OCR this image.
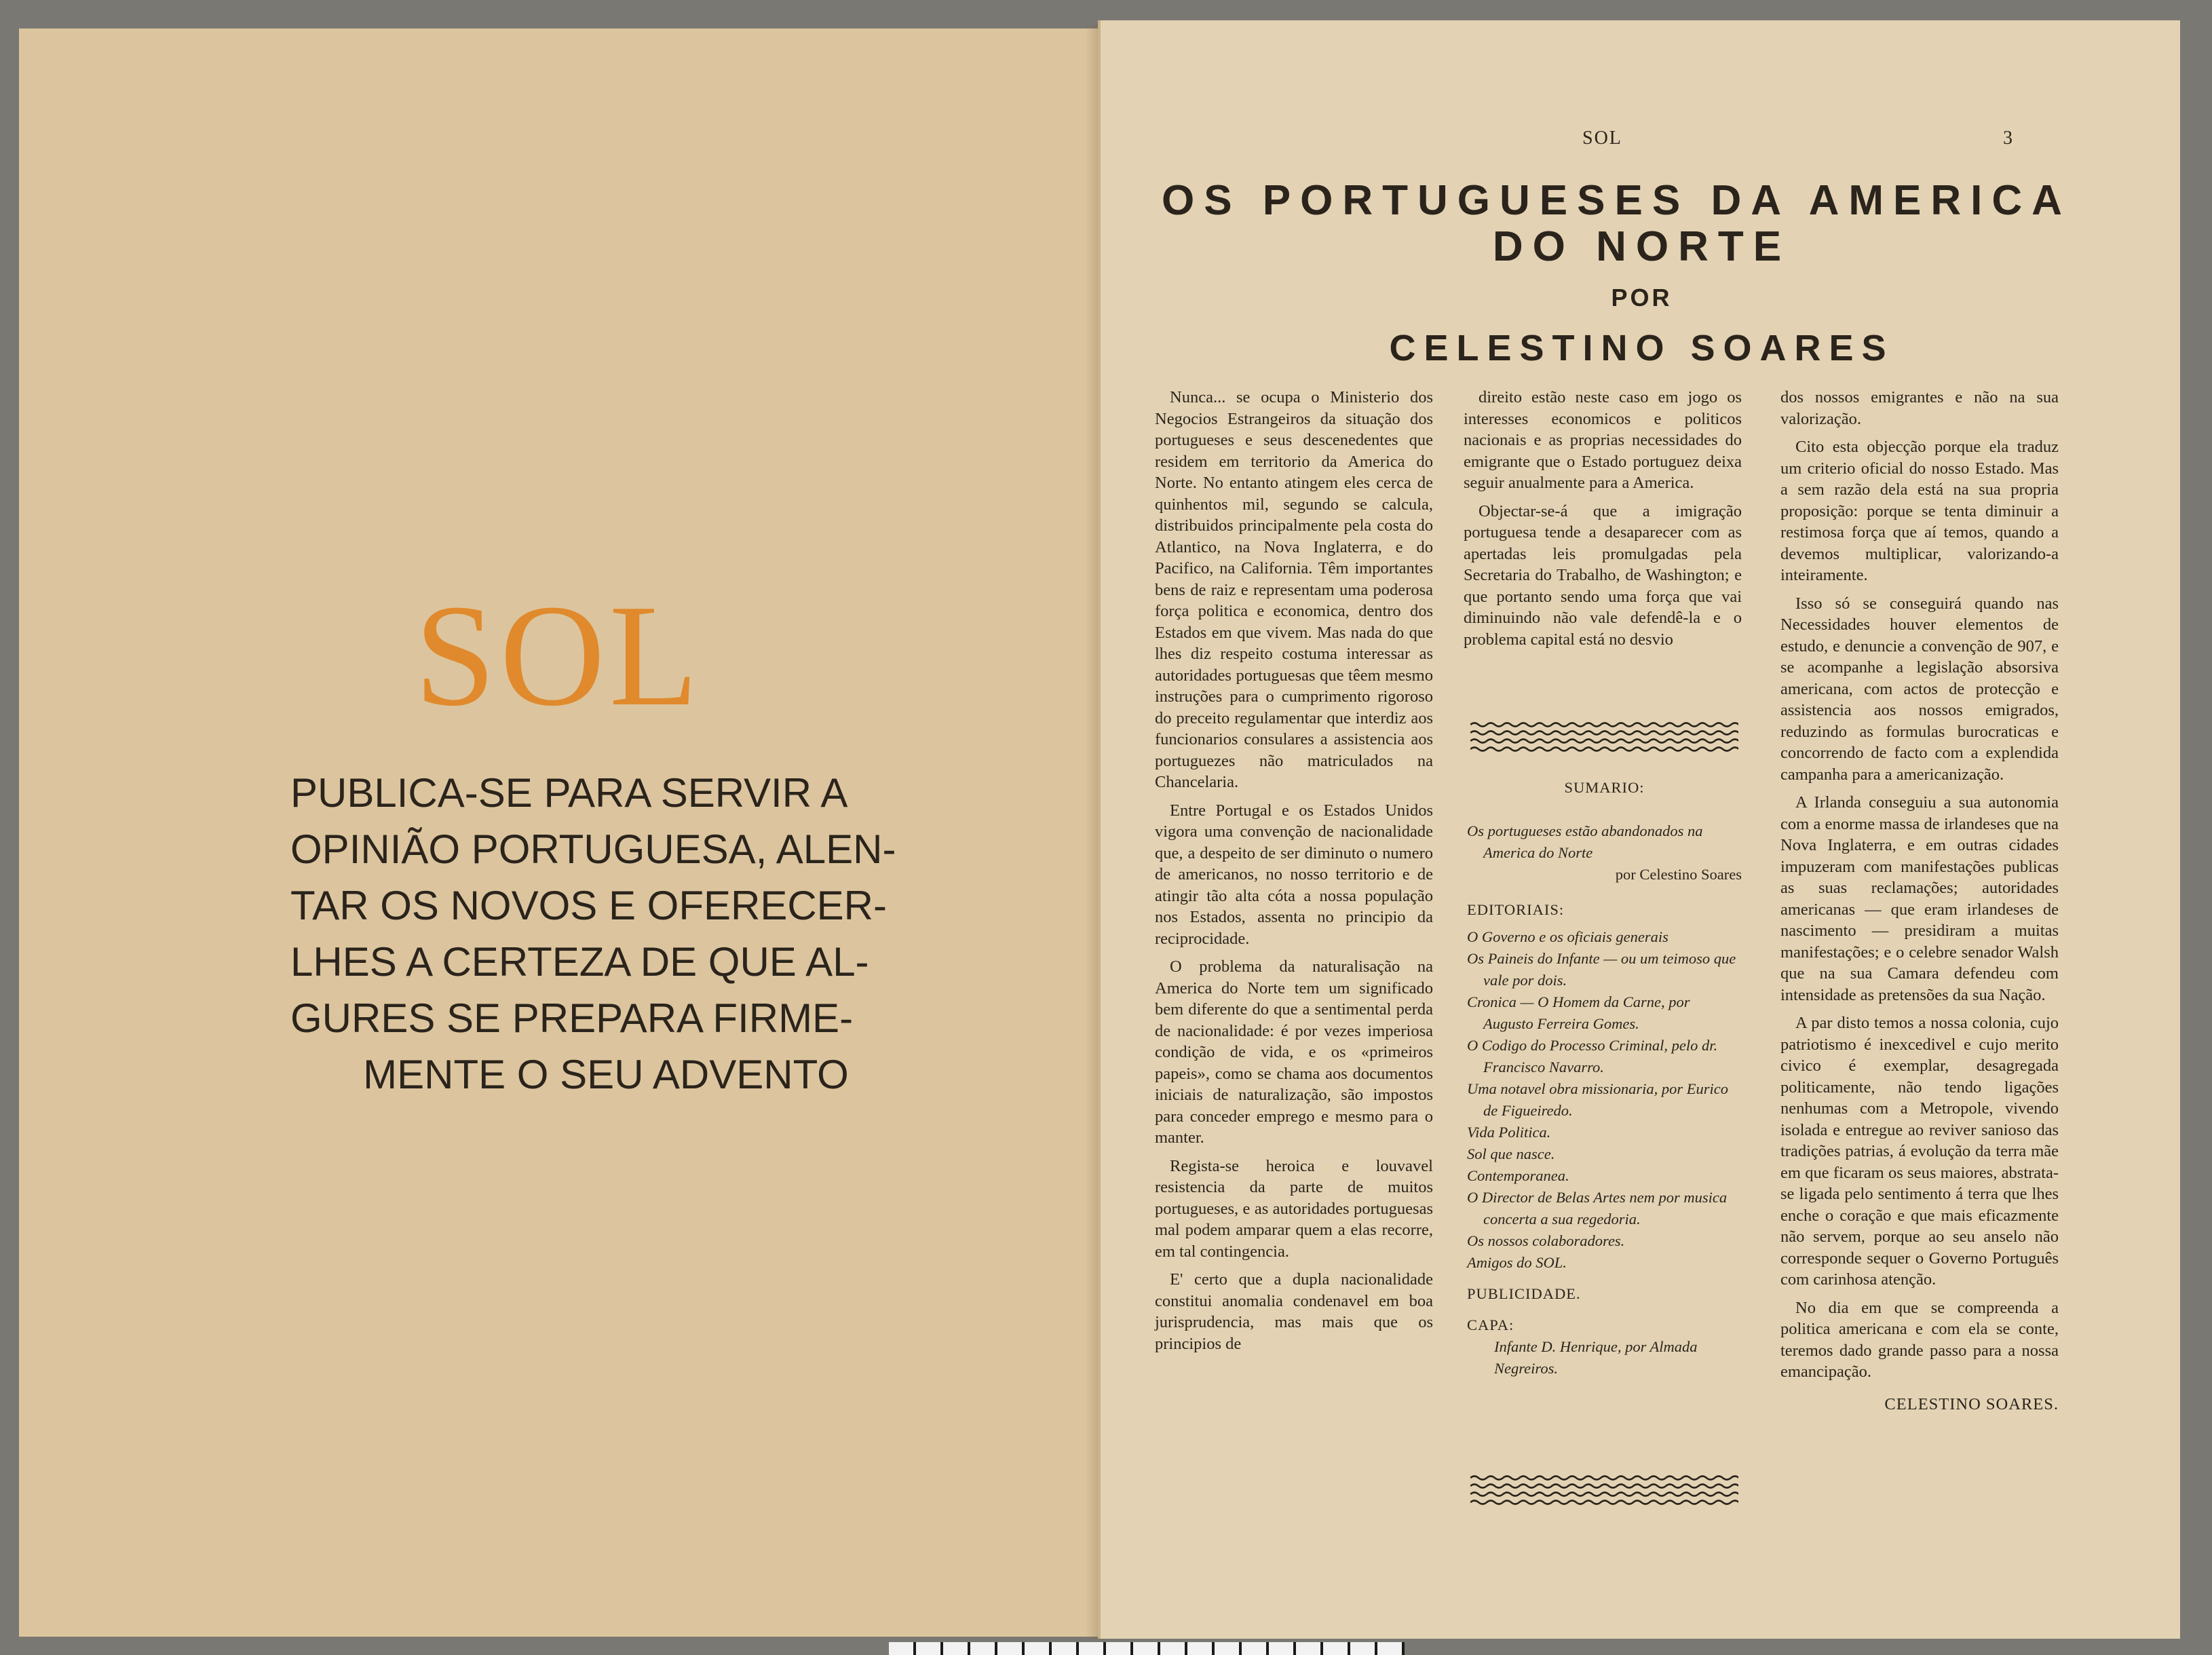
SOL
PUBLICA-SE PARA SERVIR A
OPINIÃO PORTUGUESA, ALEN-
TAR OS NOVOS E OFERECER-
LHES A CERTEZA DE QUE AL-
GURES SE PREPARA FIRME-
MENTE O SEU ADVENTO
SOL	3
OS PORTUGUESES DA AMERICA
DO NORTE
POR
CELESTINO SOARES

Nunca... se ocupa o Ministerio dos Negocios Estrangeiros da situação dos portugueses e seus descenedentes que residem em territorio da America do Norte. No entanto atingem eles cerca de quinhentos mil, segundo se calcula, distribuidos principalmente pela costa do Atlantico, na Nova Inglaterra, e do Pacifico, na California. Têm importantes bens de raiz e representam uma poderosa força politica e economica, dentro dos Estados em que vivem. Mas nada do que lhes diz respeito costuma interessar as autoridades portuguesas que têem mesmo instruções para o cumprimento rigoroso do preceito regulamentar que interdiz aos funcionarios consulares a assistencia aos portuguezes não matriculados na Chancelaria.

Entre Portugal e os Estados Unidos vigora uma convenção de nacionalidade que, a despeito de ser diminuto o numero de americanos, no nosso territorio e de atingir tão alta cóta a nossa população nos Estados, assenta no principio da reciprocidade.

O problema da naturalisação na America do Norte tem um significado bem diferente do que a sentimental perda de nacionalidade: é por vezes imperiosa condição de vida, e os «primeiros papeis», como se chama aos documentos iniciais de naturalização, são impostos para conceder emprego e mesmo para o manter.

Regista-se heroica e louvavel resistencia da parte de muitos portugueses, e as autoridades portuguesas mal podem amparar quem a elas recorre, em tal contingencia.

E' certo que a dupla nacionalidade constitui anomalia condenavel em boa jurisprudencia, mas mais que os principios de

direito estão neste caso em jogo os interesses economicos e politicos nacionais e as proprias necessidades do emigrante que o Estado portuguez deixa seguir anualmente para a America.

Objectar-se-á que a imigração portuguesa tende a desaparecer com as apertadas leis promulgadas pela Secretaria do Trabalho, de Washington; e que portanto sendo uma força que vai diminuindo não vale defendê-la e o problema capital está no desvio

SUMARIO:
Os portugueses estão abandonados na America do Norte
por Celestino Soares
EDITORIAIS:
O Governo e os oficiais generais
Os Paineis do Infante — ou um teimoso que vale por dois.
Cronica — O Homem da Carne, por Augusto Ferreira Gomes.
O Codigo do Processo Criminal, pelo dr. Francisco Navarro.
Uma notavel obra missionaria, por Eurico de Figueiredo.
Vida Politica.
Sol que nasce.
Contemporanea.
O Director de Belas Artes nem por musica concerta a sua regedoria.
Os nossos colaboradores.
Amigos do SOL.
PUBLICIDADE.
CAPA:
Infante D. Henrique, por Almada Negreiros.

dos nossos emigrantes e não na sua valorização.

Cito esta objecção porque ela traduz um criterio oficial do nosso Estado. Mas a sem razão dela está na sua propria proposição: porque se tenta diminuir a restimosa força que aí temos, quando a devemos multiplicar, valorizando-a inteiramente.

Isso só se conseguirá quando nas Necessidades houver elementos de estudo, e denuncie a convenção de 907, e se acompanhe a legislação absorsiva americana, com actos de protecção e assistencia aos nossos emigrados, reduzindo as formulas burocraticas e concorrendo de facto com a explendida campanha para a americanização.

A Irlanda conseguiu a sua autonomia com a enorme massa de irlandeses que na Nova Inglaterra, e em outras cidades impuzeram com manifestações publicas as suas reclamações; autoridades americanas — que eram irlandeses de nascimento — presidiram a muitas manifestações; e o celebre senador Walsh que na sua Camara defendeu com intensidade as pretensões da sua Nação.

A par disto temos a nossa colonia, cujo patriotismo é inexcedivel e cujo merito civico é exemplar, desagregada politicamente, não tendo ligações nenhumas com a Metropole, vivendo isolada e entregue ao reviver sanioso das tradições patrias, á evolução da terra mãe em que ficaram os seus maiores, abstrata-se ligada pelo sentimento á terra que lhes enche o coração e que mais eficazmente não servem, porque ao seu anselo não corresponde sequer o Governo Português com carinhosa atenção.

No dia em que se compreenda a politica americana e com ela se conte, teremos dado grande passo para a nossa emancipação.

CELESTINO SOARES.
